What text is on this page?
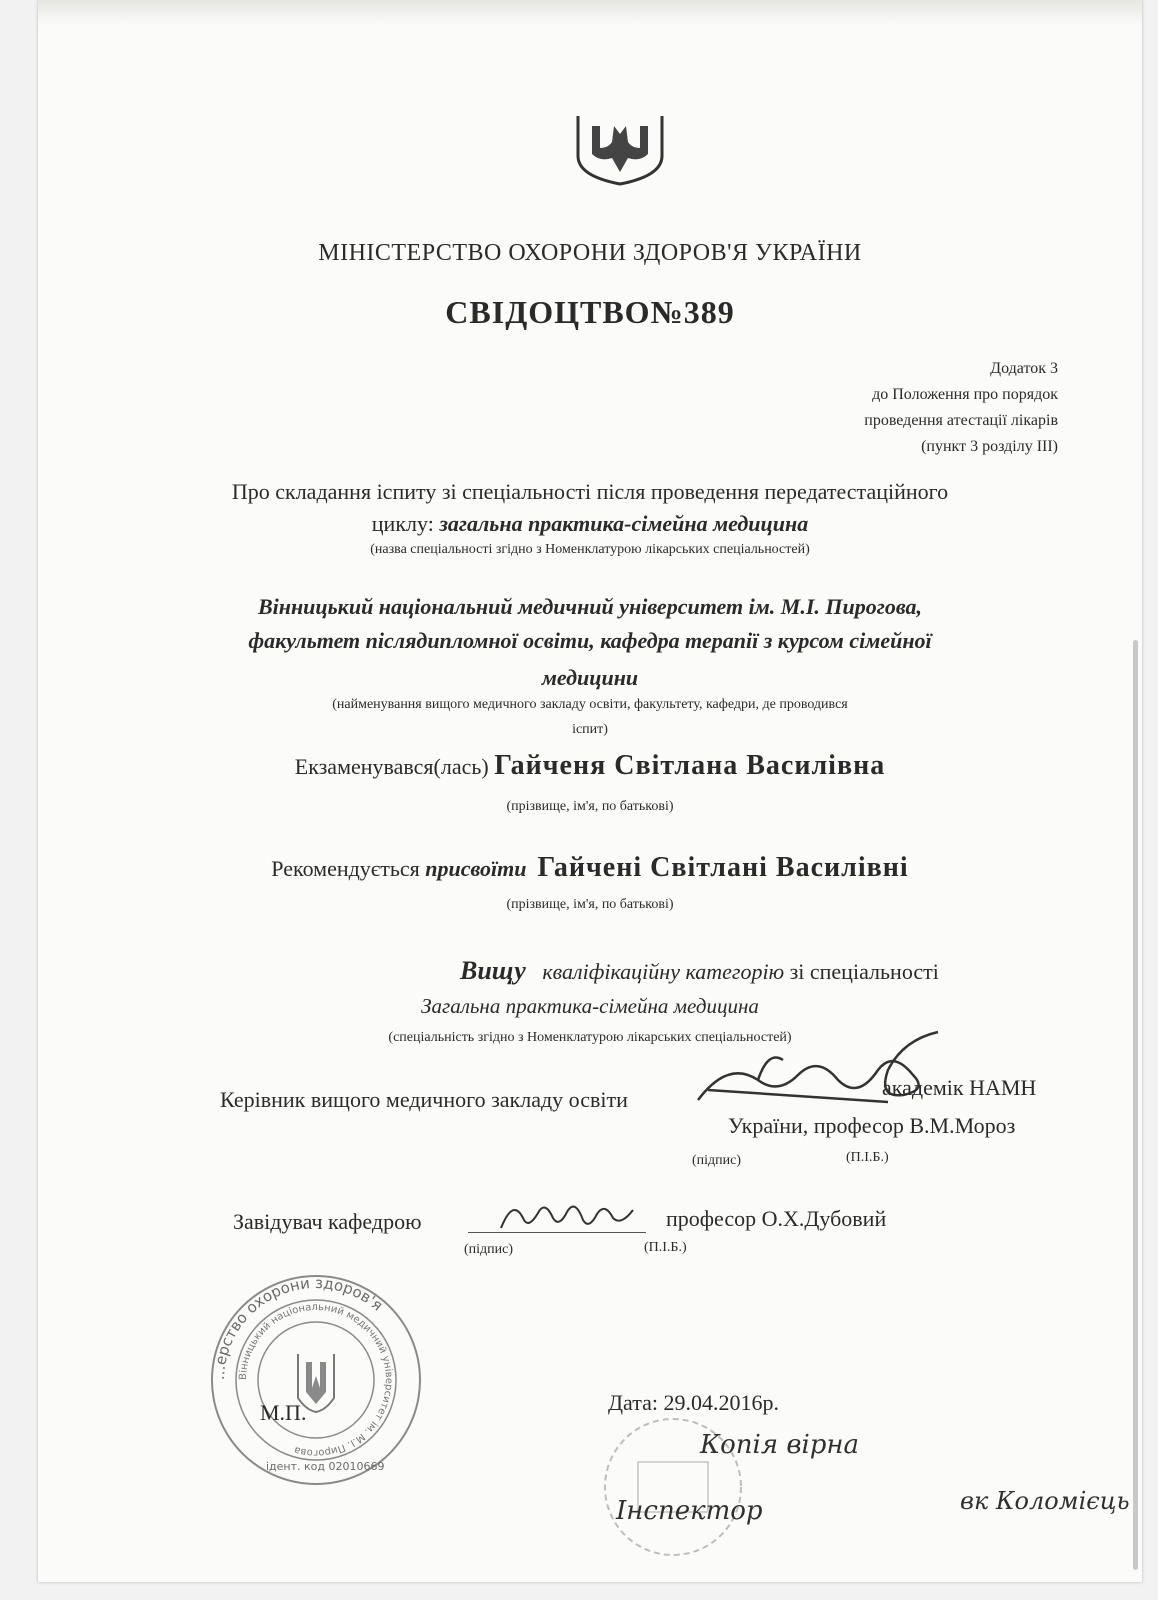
МІНІСТЕРСТВО ОХОРОНИ ЗДОРОВ'Я УКРАЇНИ
СВІДОЦТВО№389
Додаток 3
до Положення про порядок
проведення атестації лікарів
(пункт 3 розділу ІІІ)
Про складання іспиту зі спеціальності після проведення передатестаційного
циклу: загальна практика-сімейна медицина
(назва спеціальності згідно з Номенклатурою лікарських спеціальностей)
Вінницький національний медичний університет ім. М.І. Пирогова,
факультет післядипломної освіти, кафедра терапії з курсом сімейної
медицини
(найменування вищого медичного закладу освіти, факультету, кафедри, де проводився
іспит)
Екзаменувався(лась) Гайченя Світлана Василівна
(прізвище, ім'я, по батькові)
Рекомендується присвоїти Гайчені Світлані Василівні
(прізвище, ім'я, по батькові)
Вищу кваліфікаційну категорію зі спеціальності
Загальна практика-сімейна медицина
(спеціальність згідно з Номенклатурою лікарських спеціальностей)
Керівник вищого медичного закладу освіти	академік НАМН
України, професор В.М.Мороз
(підпис)	(П.І.Б.)
Завідувач кафедрою	професор О.Х.Дубовий
(підпис)	(П.І.Б.)
...ерство охорони здоров'я
Вінницький національний медичний університет ім. М.І. Пирогова
ідент. код 02010669
М.П.	Дата: 29.04.2016р.
Копія вірна
Інспектор	вк Коломієць
